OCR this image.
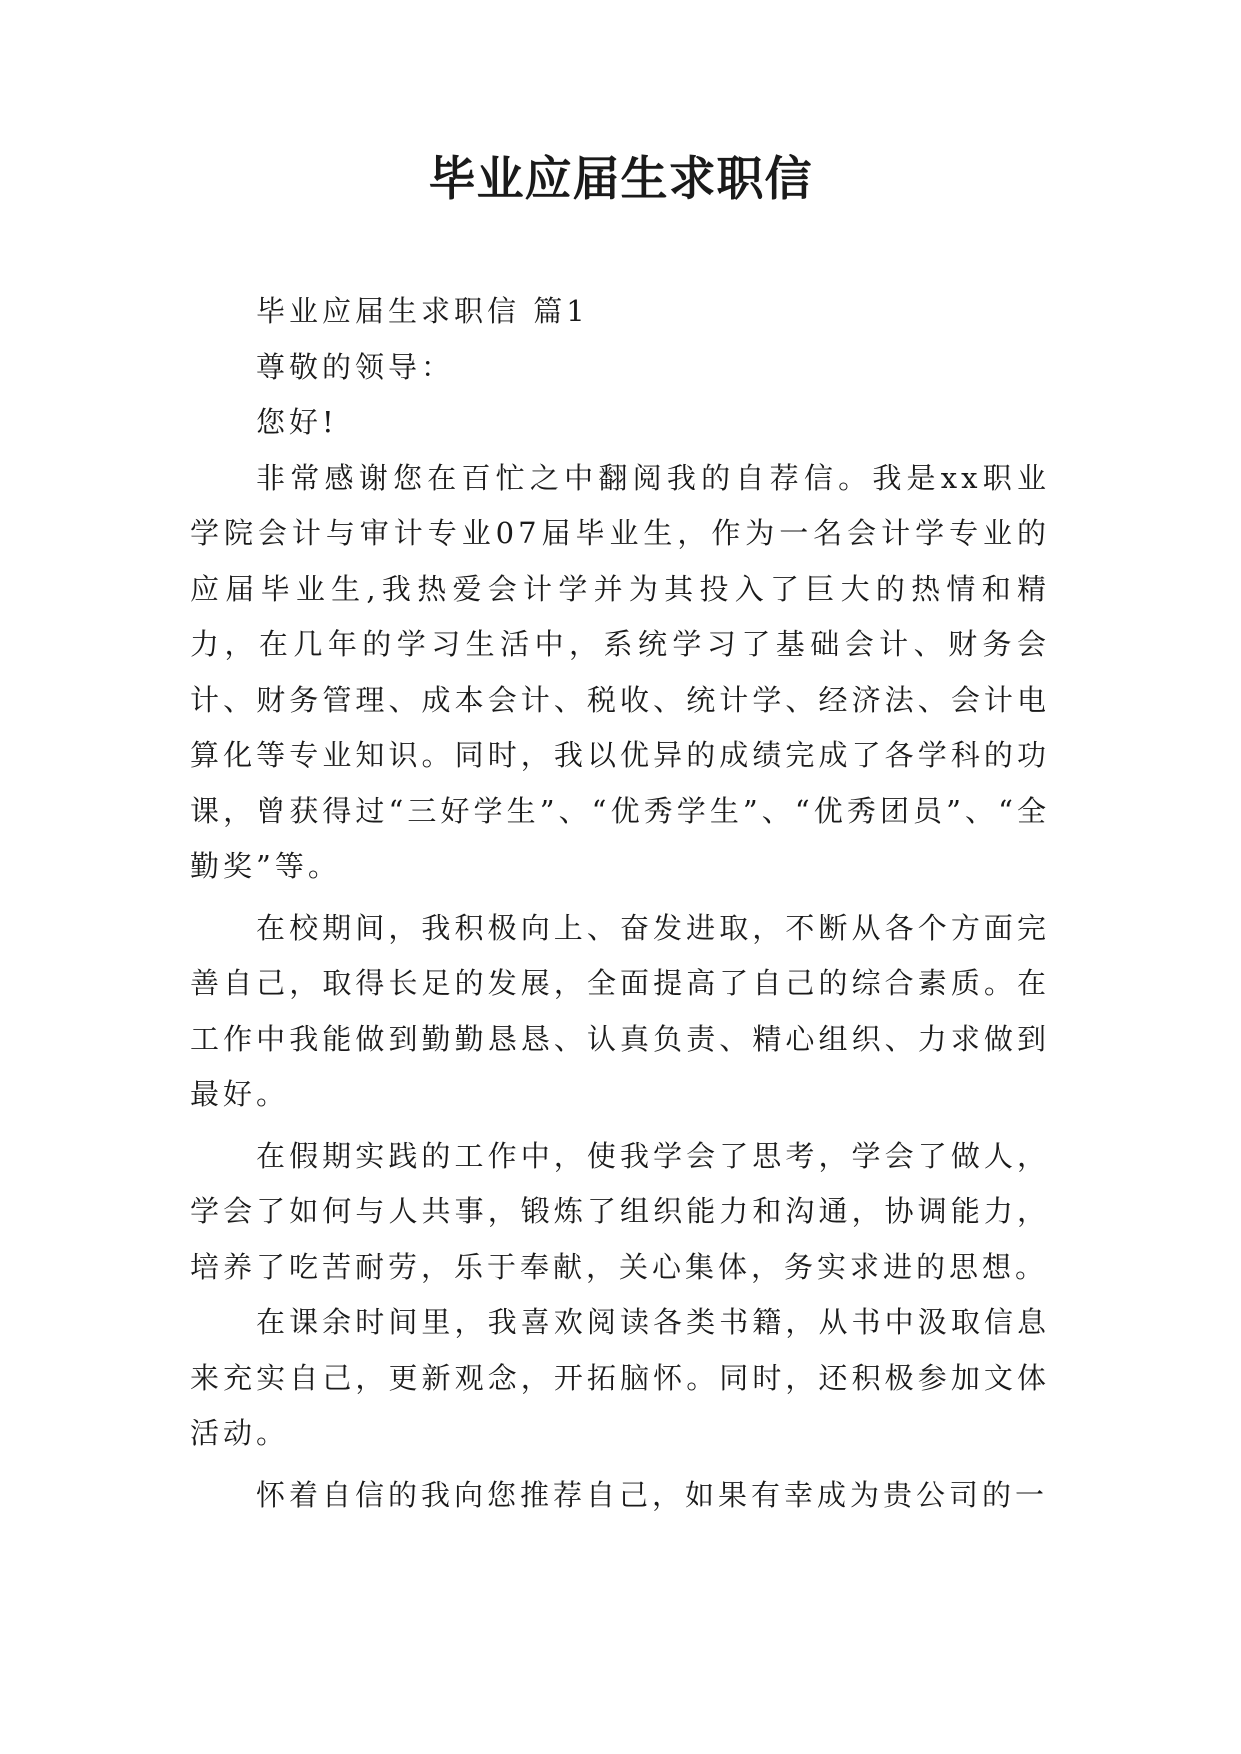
毕业应届生求职信

毕业应届生求职信 篇1

尊敬的领导：

您好!

非常感谢您在百忙之中翻阅我的自荐信。我是xx职业学院会计与审计专业07届毕业生，作为一名会计学专业的应届毕业生,我热爱会计学并为其投入了巨大的热情和精力，在几年的学习生活中，系统学习了基础会计、财务会计、财务管理、成本会计、税收、统计学、经济法、会计电算化等专业知识。同时，我以优异的成绩完成了各学科的功课，曾获得过“三好学生”、“优秀学生”、“优秀团员”、“全勤奖”等。

在校期间，我积极向上、奋发进取，不断从各个方面完善自己，取得长足的发展，全面提高了自己的综合素质。在工作中我能做到勤勤恳恳、认真负责、精心组织、力求做到最好。

在假期实践的工作中，使我学会了思考，学会了做人，学会了如何与人共事，锻炼了组织能力和沟通，协调能力，培养了吃苦耐劳，乐于奉献，关心集体，务实求进的思想。

在课余时间里，我喜欢阅读各类书籍，从书中汲取信息来充实自己，更新观念，开拓脑怀。同时，还积极参加文体活动。

怀着自信的我向您推荐自己，如果有幸成为贵公司的一
